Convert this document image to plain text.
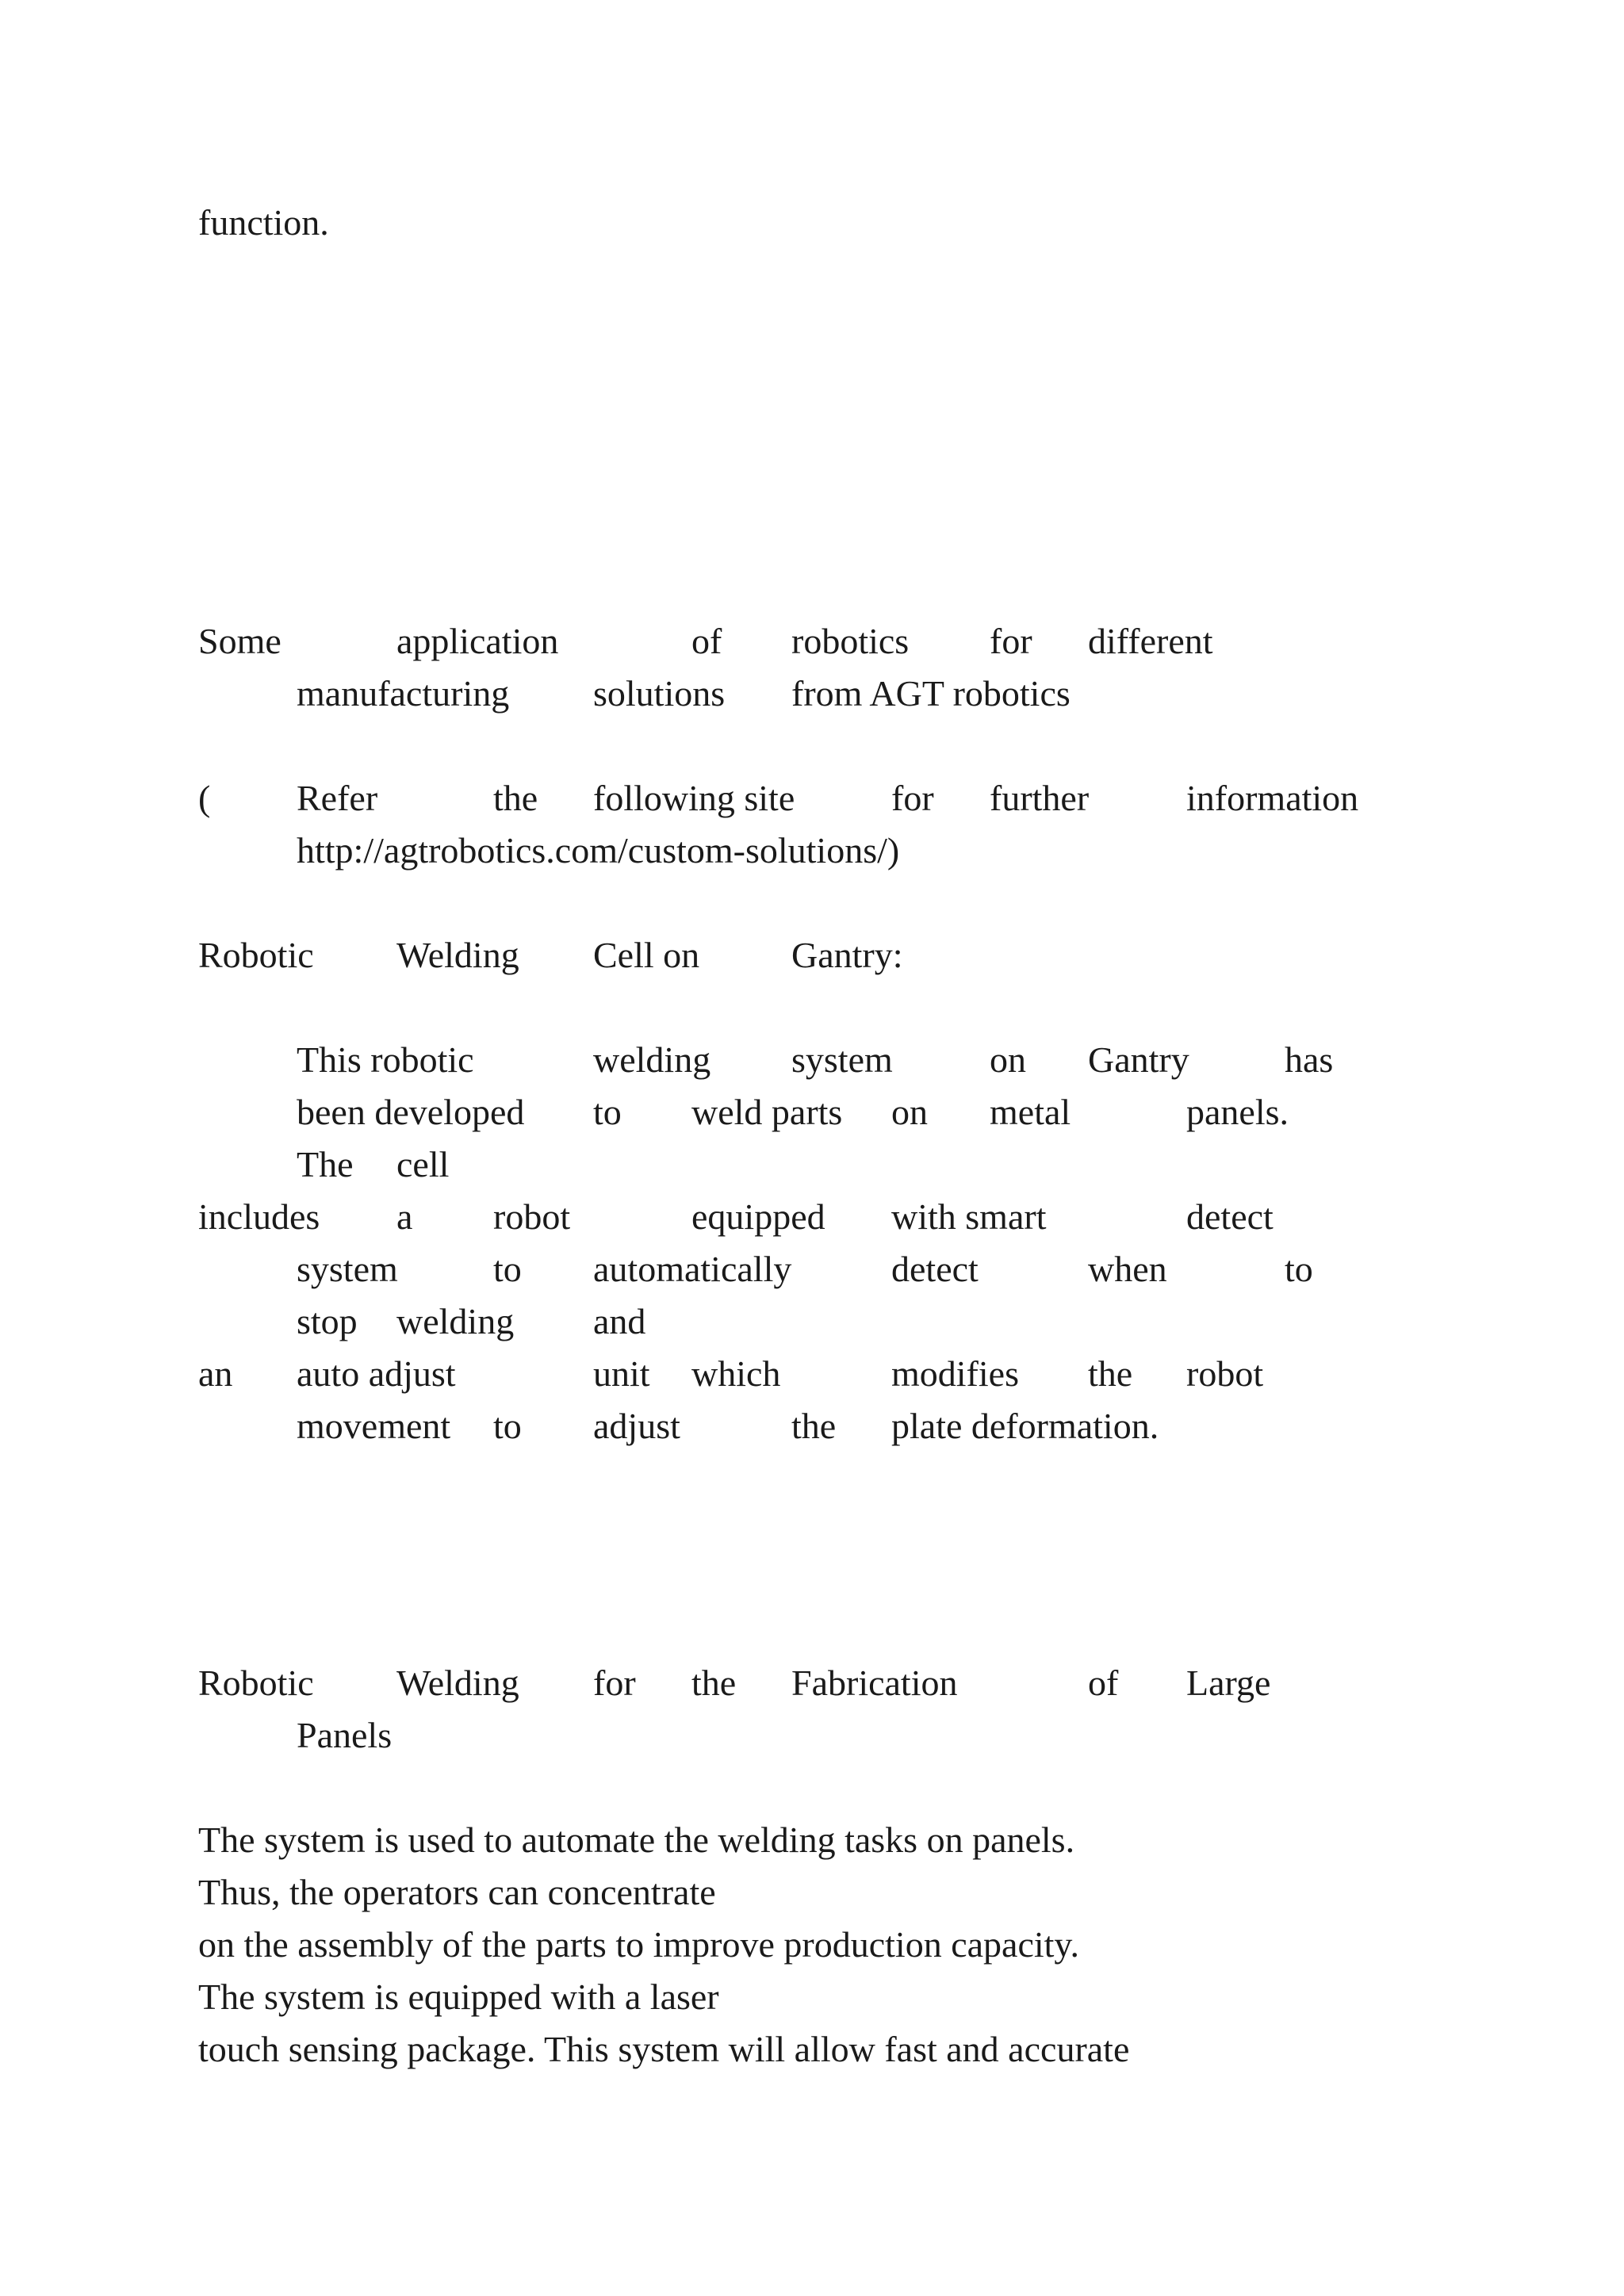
function.
Some	application	of robotics for different
manufacturing solutions from AGT robotics
( Refer	the following site	for further	information
http://agtrobotics.com/custom-solutions/)
Robotic Welding Cell on	Gantry:
This robotic	welding system	on Gantry	has
been developed to weld parts on metal	panels.
The cell
includes a robot	equipped with smart	detect
system	to automatically	detect	when	to
stop welding and
an auto adjust	unit which	modifies the robot
movement to adjust	the plate deformation.
Robotic Welding for the Fabrication	of Large
Panels
The system is used to automate the welding tasks on panels.
Thus, the operators can concentrate
on the assembly of the parts to improve production capacity.
The system is equipped with a laser
touch sensing package. This system will allow fast and accurate
